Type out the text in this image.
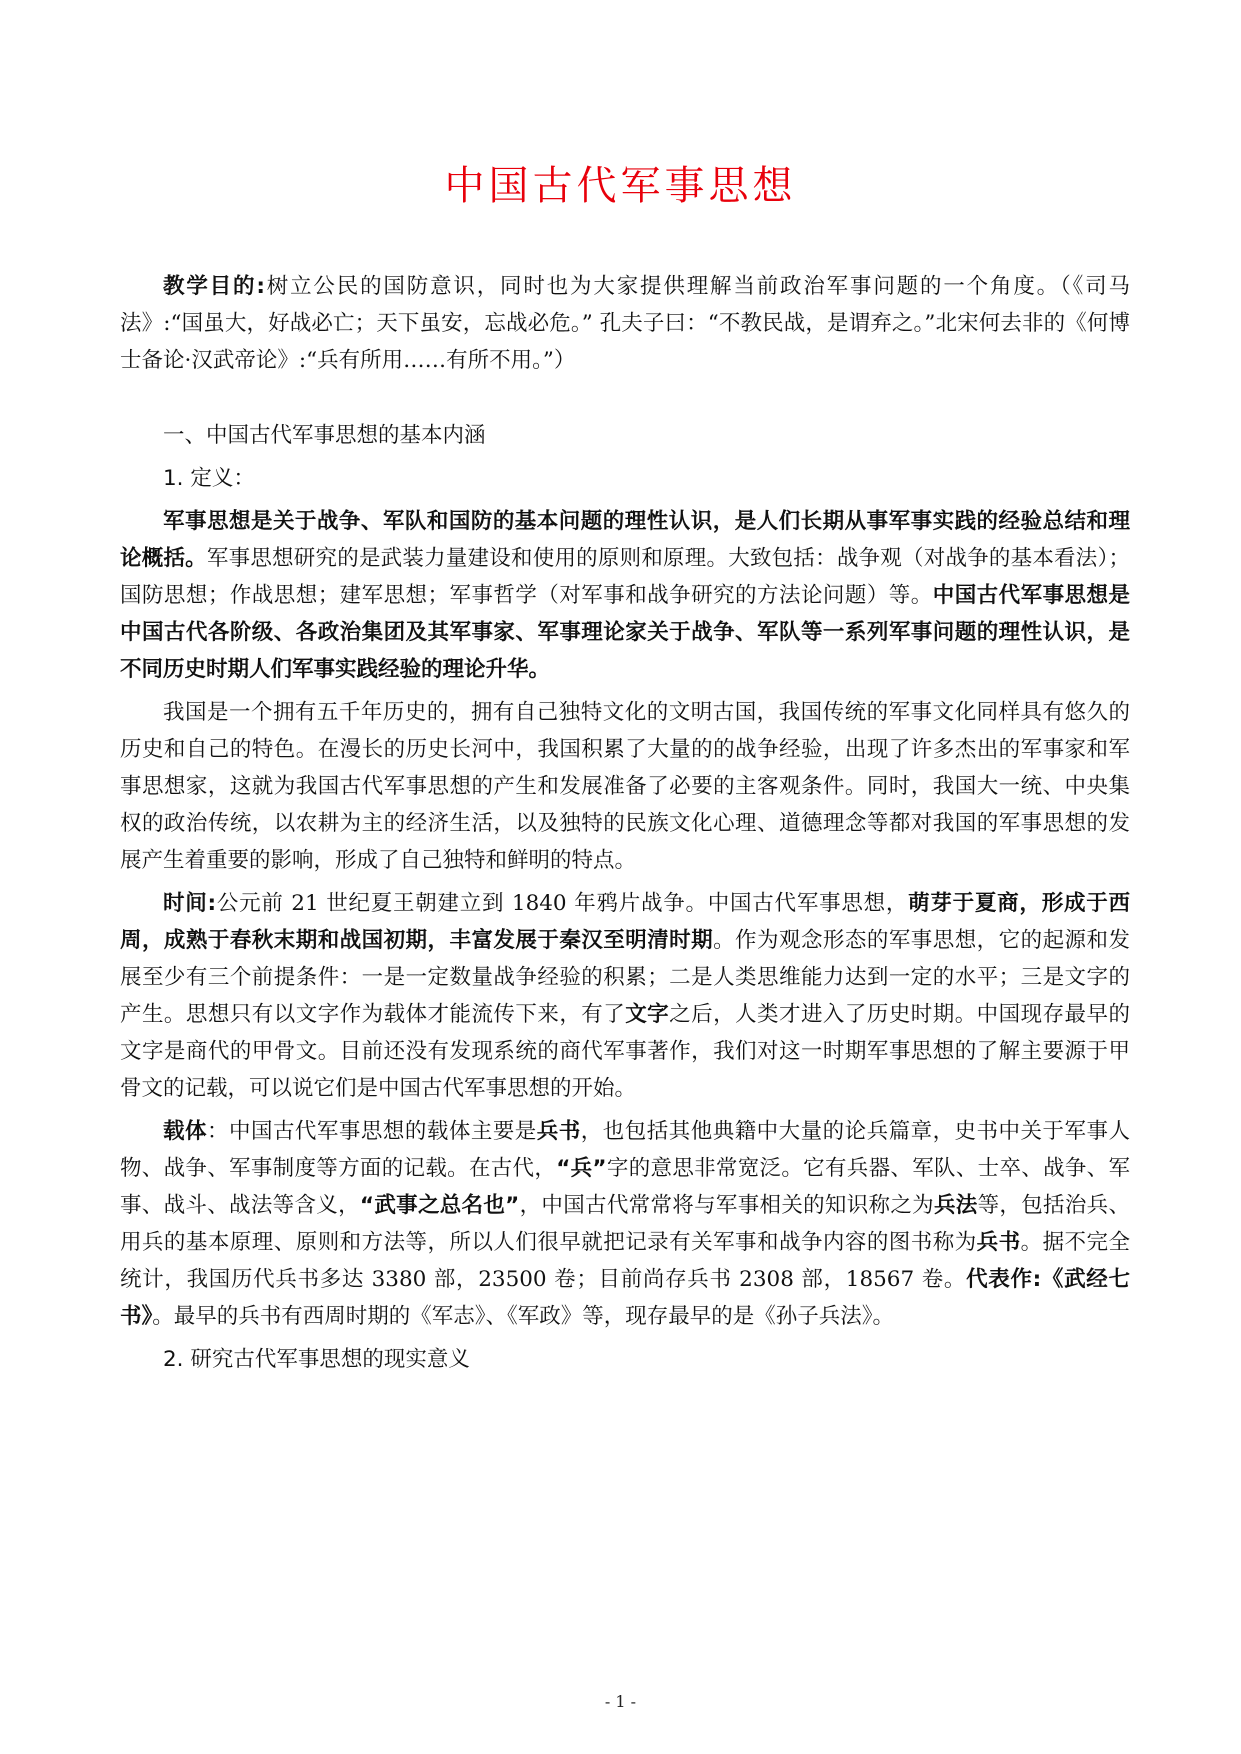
中国古代军事思想

教学目的:树立公民的国防意识，同时也为大家提供理解当前政治军事问题的一个角度。（《司马法》:“国虽大，好战必亡；天下虽安，忘战必危。” 孔夫子曰：“不教民战，是谓弃之。”北宋何去非的《何博士备论·汉武帝论》:“兵有所用……有所不用。”）

一、中国古代军事思想的基本内涵

1. 定义：

军事思想是关于战争、军队和国防的基本问题的理性认识，是人们长期从事军事实践的经验总结和理论概括。军事思想研究的是武装力量建设和使用的原则和原理。大致包括：战争观（对战争的基本看法）；国防思想；作战思想；建军思想；军事哲学（对军事和战争研究的方法论问题）等。中国古代军事思想是中国古代各阶级、各政治集团及其军事家、军事理论家关于战争、军队等一系列军事问题的理性认识，是不同历史时期人们军事实践经验的理论升华。

我国是一个拥有五千年历史的，拥有自己独特文化的文明古国，我国传统的军事文化同样具有悠久的历史和自己的特色。在漫长的历史长河中，我国积累了大量的的战争经验，出现了许多杰出的军事家和军事思想家，这就为我国古代军事思想的产生和发展准备了必要的主客观条件。同时，我国大一统、中央集权的政治传统，以农耕为主的经济生活，以及独特的民族文化心理、道德理念等都对我国的军事思想的发展产生着重要的影响，形成了自己独特和鲜明的特点。

时间:公元前 21 世纪夏王朝建立到 1840 年鸦片战争。中国古代军事思想，萌芽于夏商，形成于西周，成熟于春秋末期和战国初期，丰富发展于秦汉至明清时期。作为观念形态的军事思想，它的起源和发展至少有三个前提条件：一是一定数量战争经验的积累；二是人类思维能力达到一定的水平；三是文字的产生。思想只有以文字作为载体才能流传下来，有了文字之后，人类才进入了历史时期。中国现存最早的文字是商代的甲骨文。目前还没有发现系统的商代军事著作，我们对这一时期军事思想的了解主要源于甲骨文的记载，可以说它们是中国古代军事思想的开始。

载体：中国古代军事思想的载体主要是兵书，也包括其他典籍中大量的论兵篇章，史书中关于军事人物、战争、军事制度等方面的记载。在古代，“兵”字的意思非常宽泛。它有兵器、军队、士卒、战争、军事、战斗、战法等含义，“武事之总名也”，中国古代常常将与军事相关的知识称之为兵法等，包括治兵、用兵的基本原理、原则和方法等，所以人们很早就把记录有关军事和战争内容的图书称为兵书。据不完全统计，我国历代兵书多达 3380 部，23500 卷；目前尚存兵书 2308 部，18567 卷。代表作:《武经七书》。最早的兵书有西周时期的《军志》、《军政》等，现存最早的是《孙子兵法》。

2. 研究古代军事思想的现实意义

- 1 -
